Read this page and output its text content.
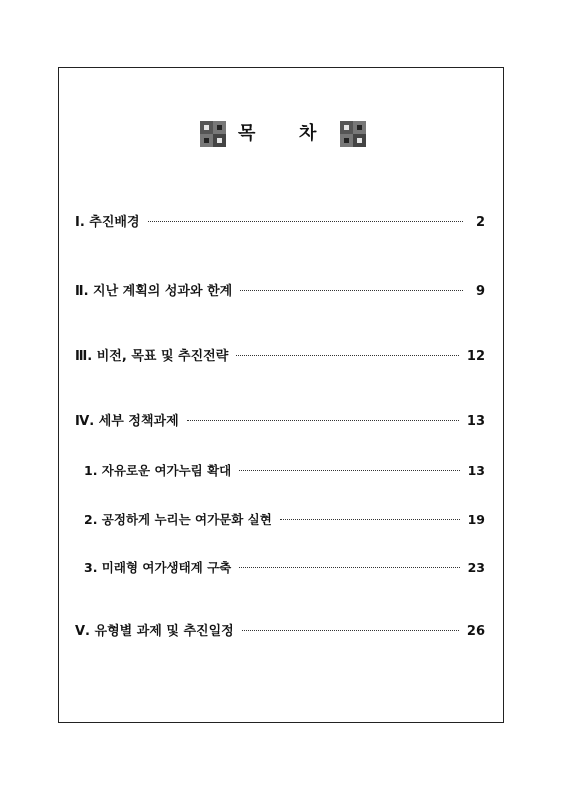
목 차
Ⅰ. 추진배경	2
Ⅱ. 지난 계획의 성과와 한계	9
Ⅲ. 비전, 목표 및 추진전략	12
Ⅳ. 세부 정책과제	13
1. 자유로운 여가누림 확대	13
2. 공정하게 누리는 여가문화 실현	19
3. 미래형 여가생태계 구축	23
Ⅴ. 유형별 과제 및 추진일정	26
